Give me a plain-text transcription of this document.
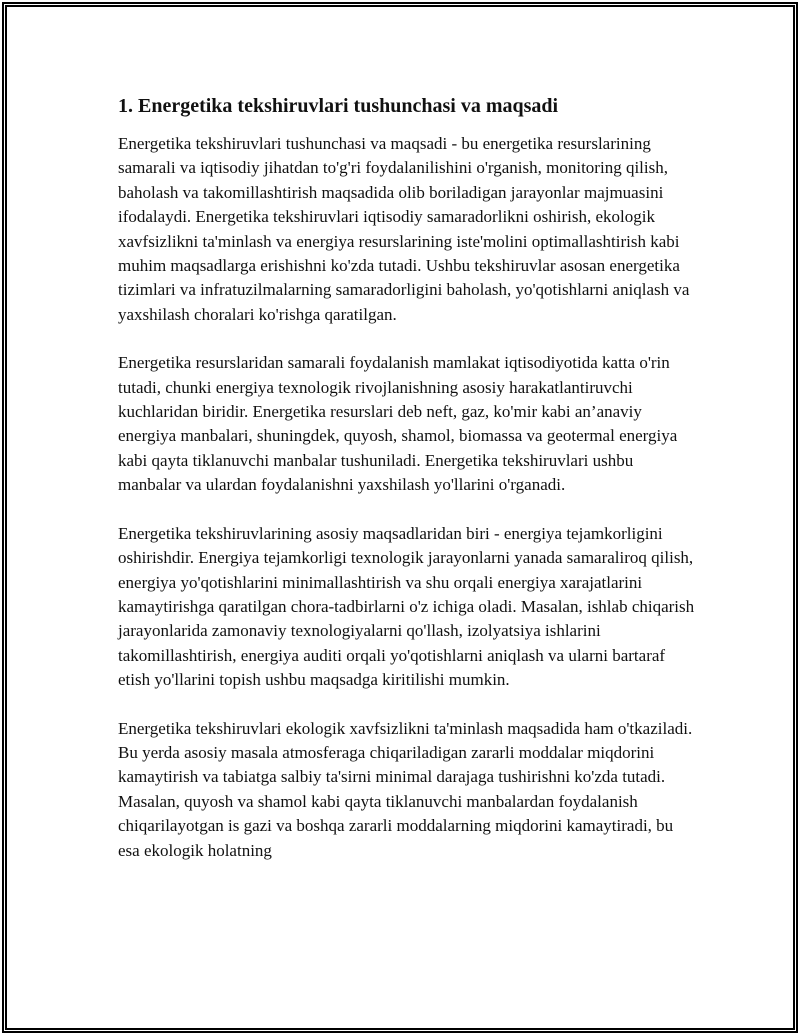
1. Energetika tekshiruvlari tushunchasi va maqsadi

Energetika tekshiruvlari tushunchasi va maqsadi - bu energetika resurslarining samarali va iqtisodiy jihatdan to'g'ri foydalanilishini o'rganish, monitoring qilish, baholash va takomillashtirish maqsadida olib boriladigan jarayonlar majmuasini ifodalaydi. Energetika tekshiruvlari iqtisodiy samaradorlikni oshirish, ekologik xavfsizlikni ta'minlash va energiya resurslarining iste'molini optimallashtirish kabi muhim maqsadlarga erishishni ko'zda tutadi. Ushbu tekshiruvlar asosan energetika tizimlari va infratuzilmalarning samaradorligini baholash, yo'qotishlarni aniqlash va yaxshilash choralari ko'rishga qaratilgan.

Energetika resurslaridan samarali foydalanish mamlakat iqtisodiyotida katta o'rin tutadi, chunki energiya texnologik rivojlanishning asosiy harakatlantiruvchi kuchlaridan biridir. Energetika resurslari deb neft, gaz, ko'mir kabi an’anaviy energiya manbalari, shuningdek, quyosh, shamol, biomassa va geotermal energiya kabi qayta tiklanuvchi manbalar tushuniladi. Energetika tekshiruvlari ushbu manbalar va ulardan foydalanishni yaxshilash yo'llarini o'rganadi.

Energetika tekshiruvlarining asosiy maqsadlaridan biri - energiya tejamkorligini oshirishdir. Energiya tejamkorligi texnologik jarayonlarni yanada samaraliroq qilish, energiya yo'qotishlarini minimallashtirish va shu orqali energiya xarajatlarini kamaytirishga qaratilgan chora-tadbirlarni o'z ichiga oladi. Masalan, ishlab chiqarish jarayonlarida zamonaviy texnologiyalarni qo'llash, izolyatsiya ishlarini takomillashtirish, energiya auditi orqali yo'qotishlarni aniqlash va ularni bartaraf etish yo'llarini topish ushbu maqsadga kiritilishi mumkin.

Energetika tekshiruvlari ekologik xavfsizlikni ta'minlash maqsadida ham o'tkaziladi. Bu yerda asosiy masala atmosferaga chiqariladigan zararli moddalar miqdorini kamaytirish va tabiatga salbiy ta'sirni minimal darajaga tushirishni ko'zda tutadi. Masalan, quyosh va shamol kabi qayta tiklanuvchi manbalardan foydalanish chiqarilayotgan is gazi va boshqa zararli moddalarning miqdorini kamaytiradi, bu esa ekologik holatning
